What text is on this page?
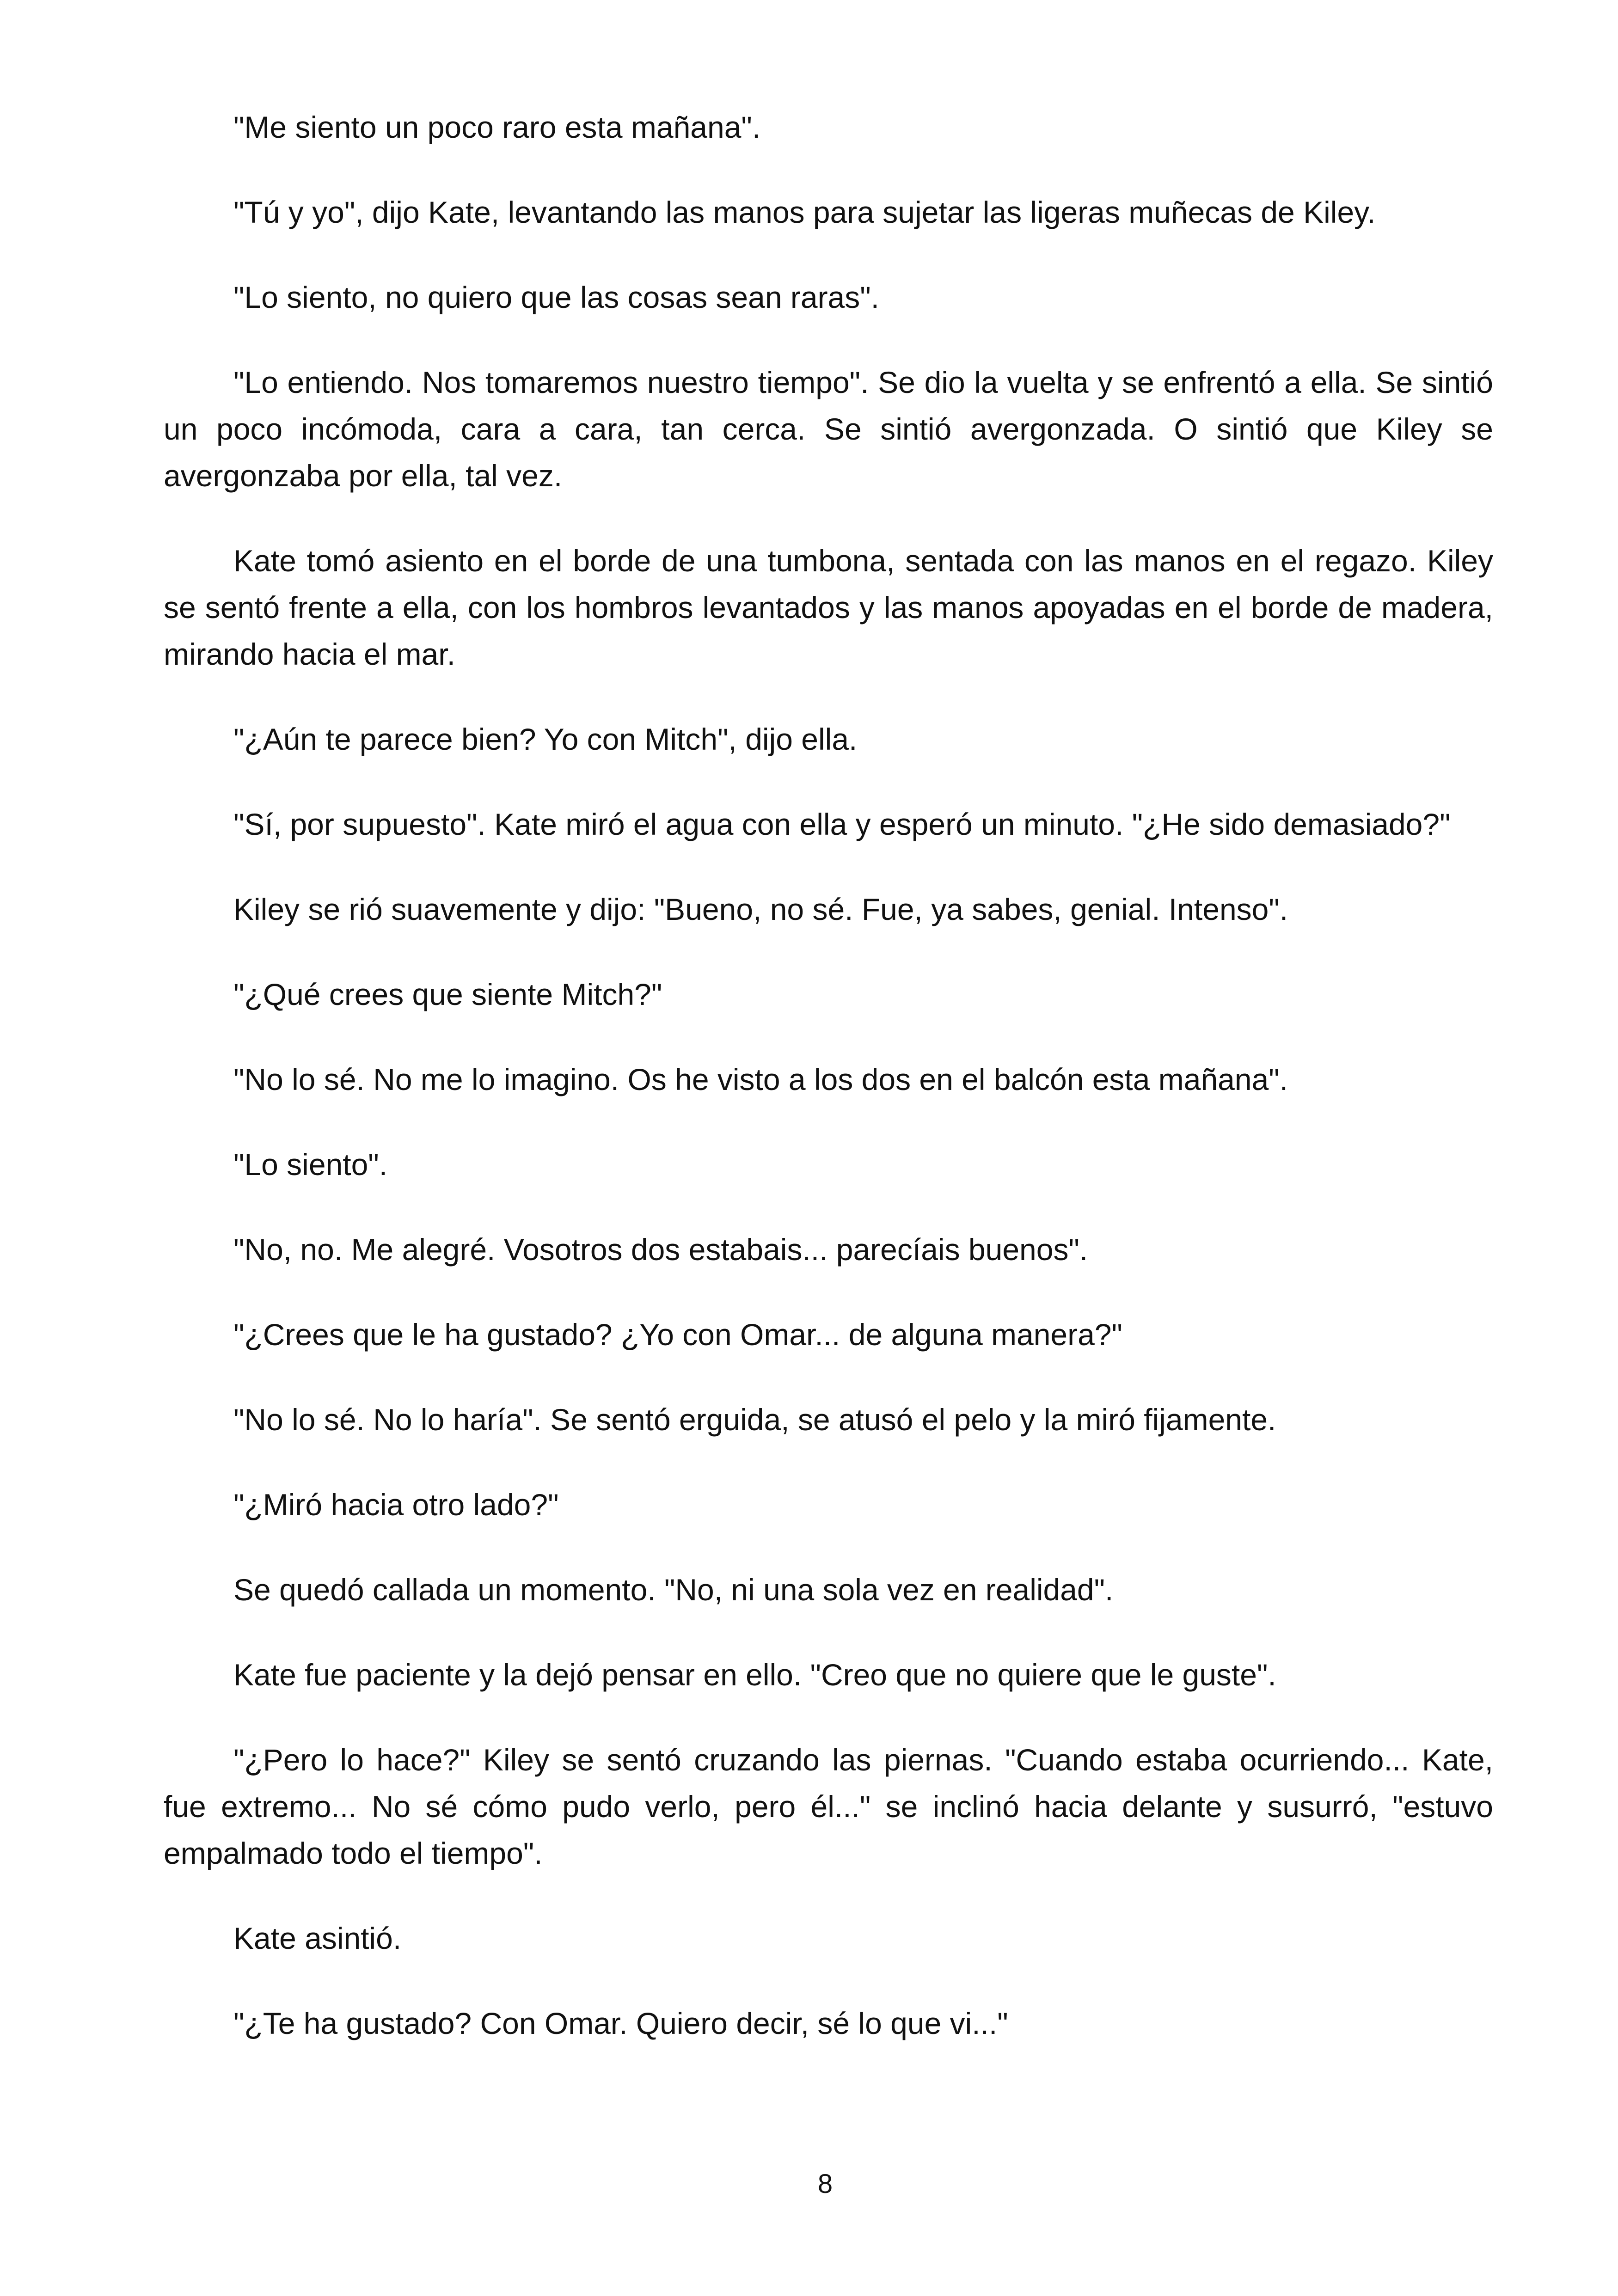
"Me siento un poco raro esta mañana".

"Tú y yo", dijo Kate, levantando las manos para sujetar las ligeras muñecas de Kiley.

"Lo siento, no quiero que las cosas sean raras".

"Lo entiendo. Nos tomaremos nuestro tiempo". Se dio la vuelta y se enfrentó a ella. Se sintió un poco incómoda, cara a cara, tan cerca. Se sintió avergonzada. O sintió que Kiley se avergonzaba por ella, tal vez.

Kate tomó asiento en el borde de una tumbona, sentada con las manos en el regazo. Kiley se sentó frente a ella, con los hombros levantados y las manos apoyadas en el borde de madera, mirando hacia el mar.

"¿Aún te parece bien? Yo con Mitch", dijo ella.

"Sí, por supuesto". Kate miró el agua con ella y esperó un minuto. "¿He sido demasiado?"

Kiley se rió suavemente y dijo: "Bueno, no sé. Fue, ya sabes, genial. Intenso".

"¿Qué crees que siente Mitch?"

"No lo sé. No me lo imagino. Os he visto a los dos en el balcón esta mañana".

"Lo siento".

"No, no. Me alegré. Vosotros dos estabais... parecíais buenos".

"¿Crees que le ha gustado? ¿Yo con Omar... de alguna manera?"

"No lo sé. No lo haría". Se sentó erguida, se atusó el pelo y la miró fijamente.

"¿Miró hacia otro lado?"

Se quedó callada un momento. "No, ni una sola vez en realidad".

Kate fue paciente y la dejó pensar en ello. "Creo que no quiere que le guste".

"¿Pero lo hace?" Kiley se sentó cruzando las piernas. "Cuando estaba ocurriendo... Kate, fue extremo... No sé cómo pudo verlo, pero él..." se inclinó hacia delante y susurró, "estuvo empalmado todo el tiempo".

Kate asintió.

"¿Te ha gustado? Con Omar. Quiero decir, sé lo que vi..."

8
